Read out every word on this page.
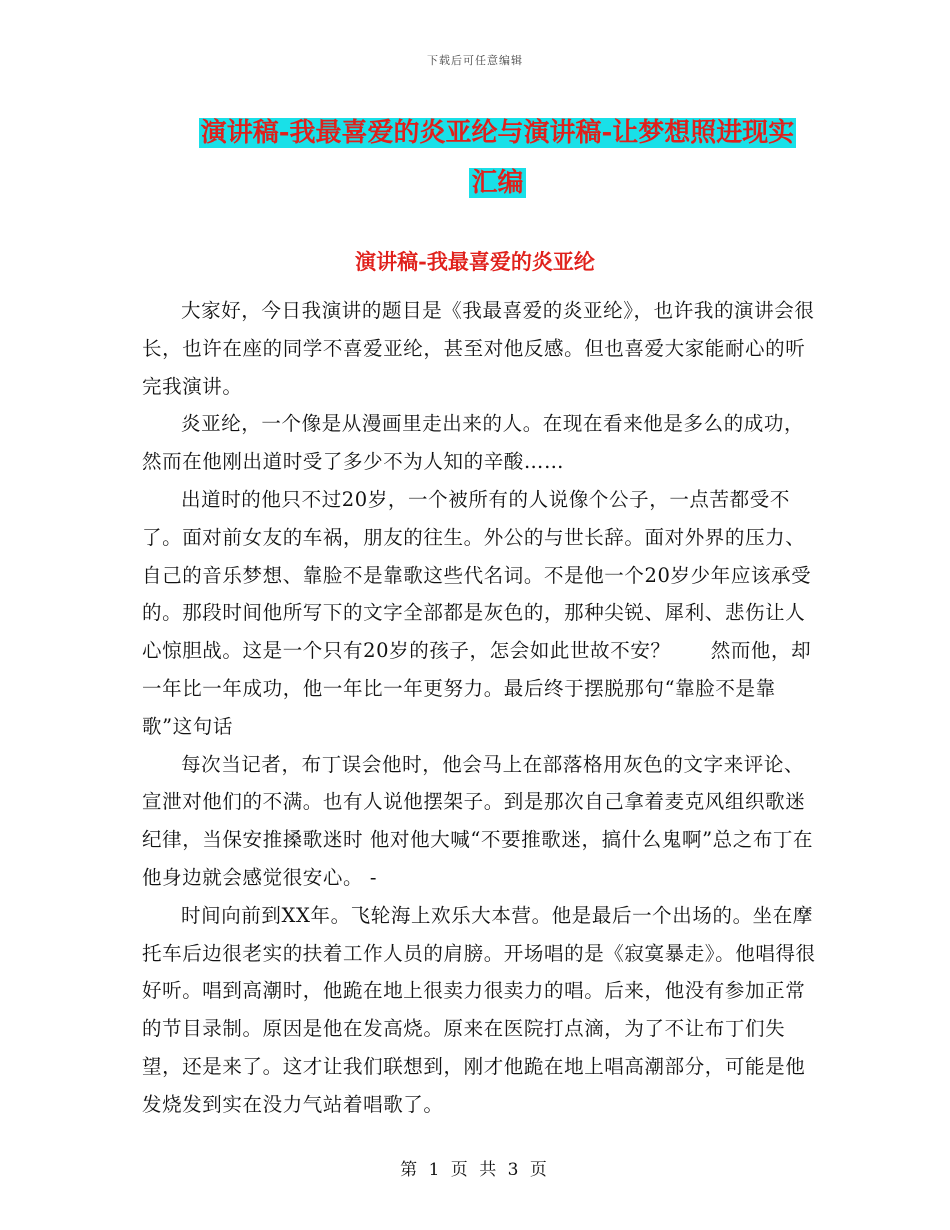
下载后可任意编辑
演讲稿-我最喜爱的炎亚纶与演讲稿-让梦想照进现实
汇编
演讲稿-我最喜爱的炎亚纶

大家好，今日我演讲的题目是《我最喜爱的炎亚纶》，也许我的演讲会很长，也许在座的同学不喜爱亚纶，甚至对他反感。但也喜爱大家能耐心的听完我演讲。

炎亚纶，一个像是从漫画里走出来的人。在现在看来他是多么的成功，然而在他刚出道时受了多少不为人知的辛酸……

出道时的他只不过20岁，一个被所有的人说像个公子，一点苦都受不了。面对前女友的车祸，朋友的往生。外公的与世长辞。面对外界的压力、自己的音乐梦想、靠脸不是靠歌这些代名词。不是他一个20岁少年应该承受的。那段时间他所写下的文字全部都是灰色的，那种尖锐、犀利、悲伤让人心惊胆战。这是一个只有20岁的孩子，怎会如此世故不安？　　然而他，却一年比一年成功，他一年比一年更努力。最后终于摆脱那句“靠脸不是靠歌”这句话

每次当记者，布丁误会他时，他会马上在部落格用灰色的文字来评论、宣泄对他们的不满。也有人说他摆架子。到是那次自己拿着麦克风组织歌迷纪律，当保安推搡歌迷时 他对他大喊“不要推歌迷，搞什么鬼啊”总之布丁在他身边就会感觉很安心。 -

时间向前到XX年。飞轮海上欢乐大本营。他是最后一个出场的。坐在摩托车后边很老实的扶着工作人员的肩膀。开场唱的是《寂寞暴走》。他唱得很好听。唱到高潮时，他跪在地上很卖力很卖力的唱。后来，他没有参加正常的节目录制。原因是他在发高烧。原来在医院打点滴，为了不让布丁们失望，还是来了。这才让我们联想到，刚才他跪在地上唱高潮部分，可能是他发烧发到实在没力气站着唱歌了。

第 1 页 共 3 页
